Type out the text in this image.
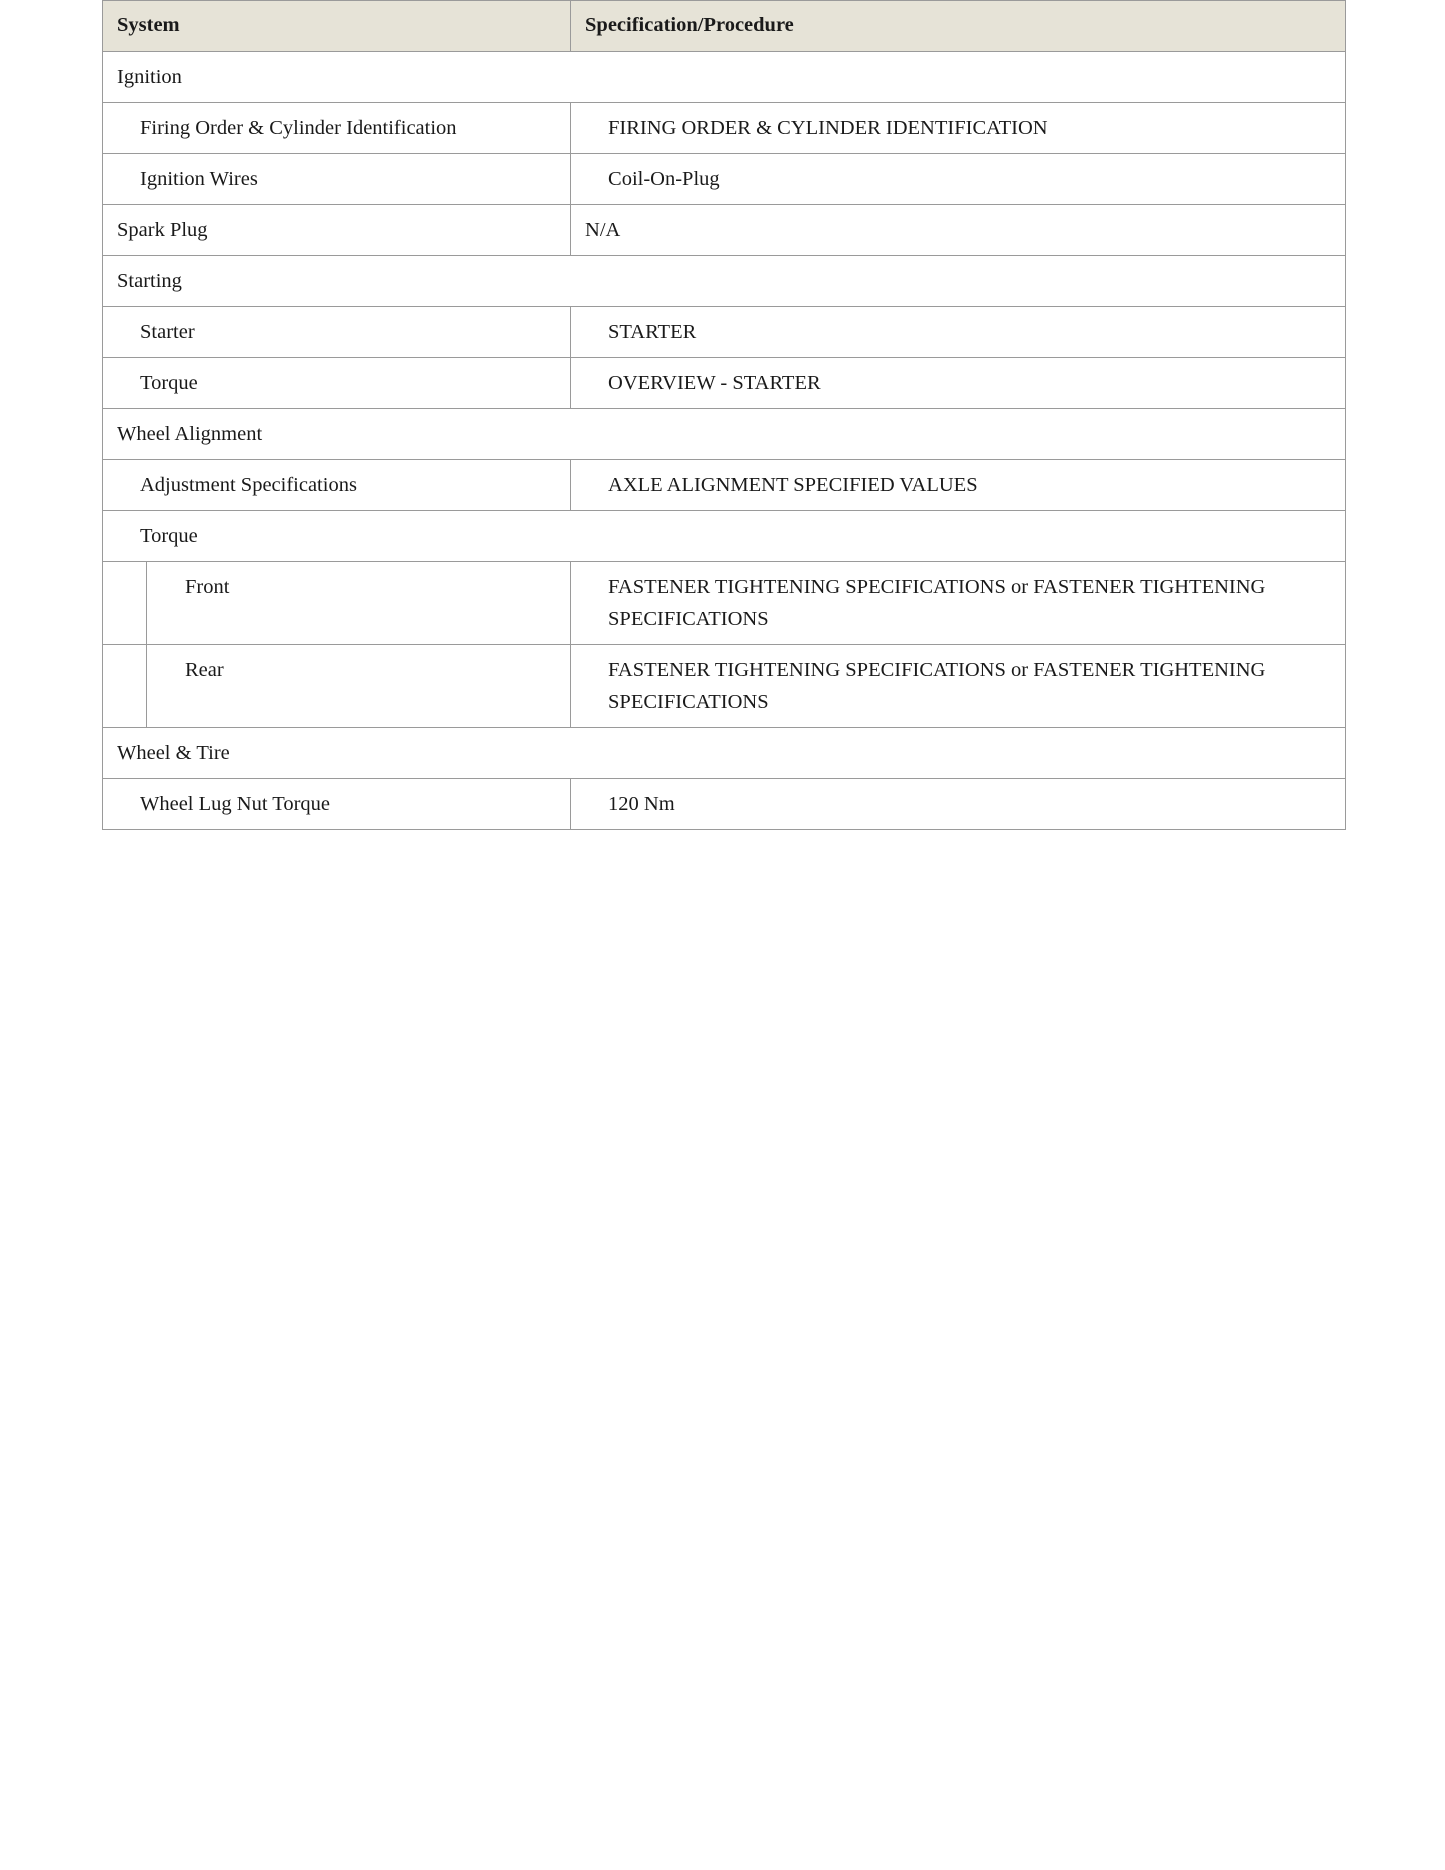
System		Specification/Procedure
Ignition		
Firing Order & Cylinder Identification		FIRING ORDER & CYLINDER IDENTIFICATION
Ignition Wires		Coil-On-Plug
Spark Plug		N/A
Starting		
Starter		STARTER
Torque		OVERVIEW - STARTER
Wheel Alignment		
Adjustment Specifications		AXLE ALIGNMENT SPECIFIED VALUES
Torque		
	Front	FASTENER TIGHTENING SPECIFICATIONS or FASTENER TIGHTENING SPECIFICATIONS
	Rear	FASTENER TIGHTENING SPECIFICATIONS or FASTENER TIGHTENING SPECIFICATIONS
Wheel & Tire		
Wheel Lug Nut Torque		120 Nm
